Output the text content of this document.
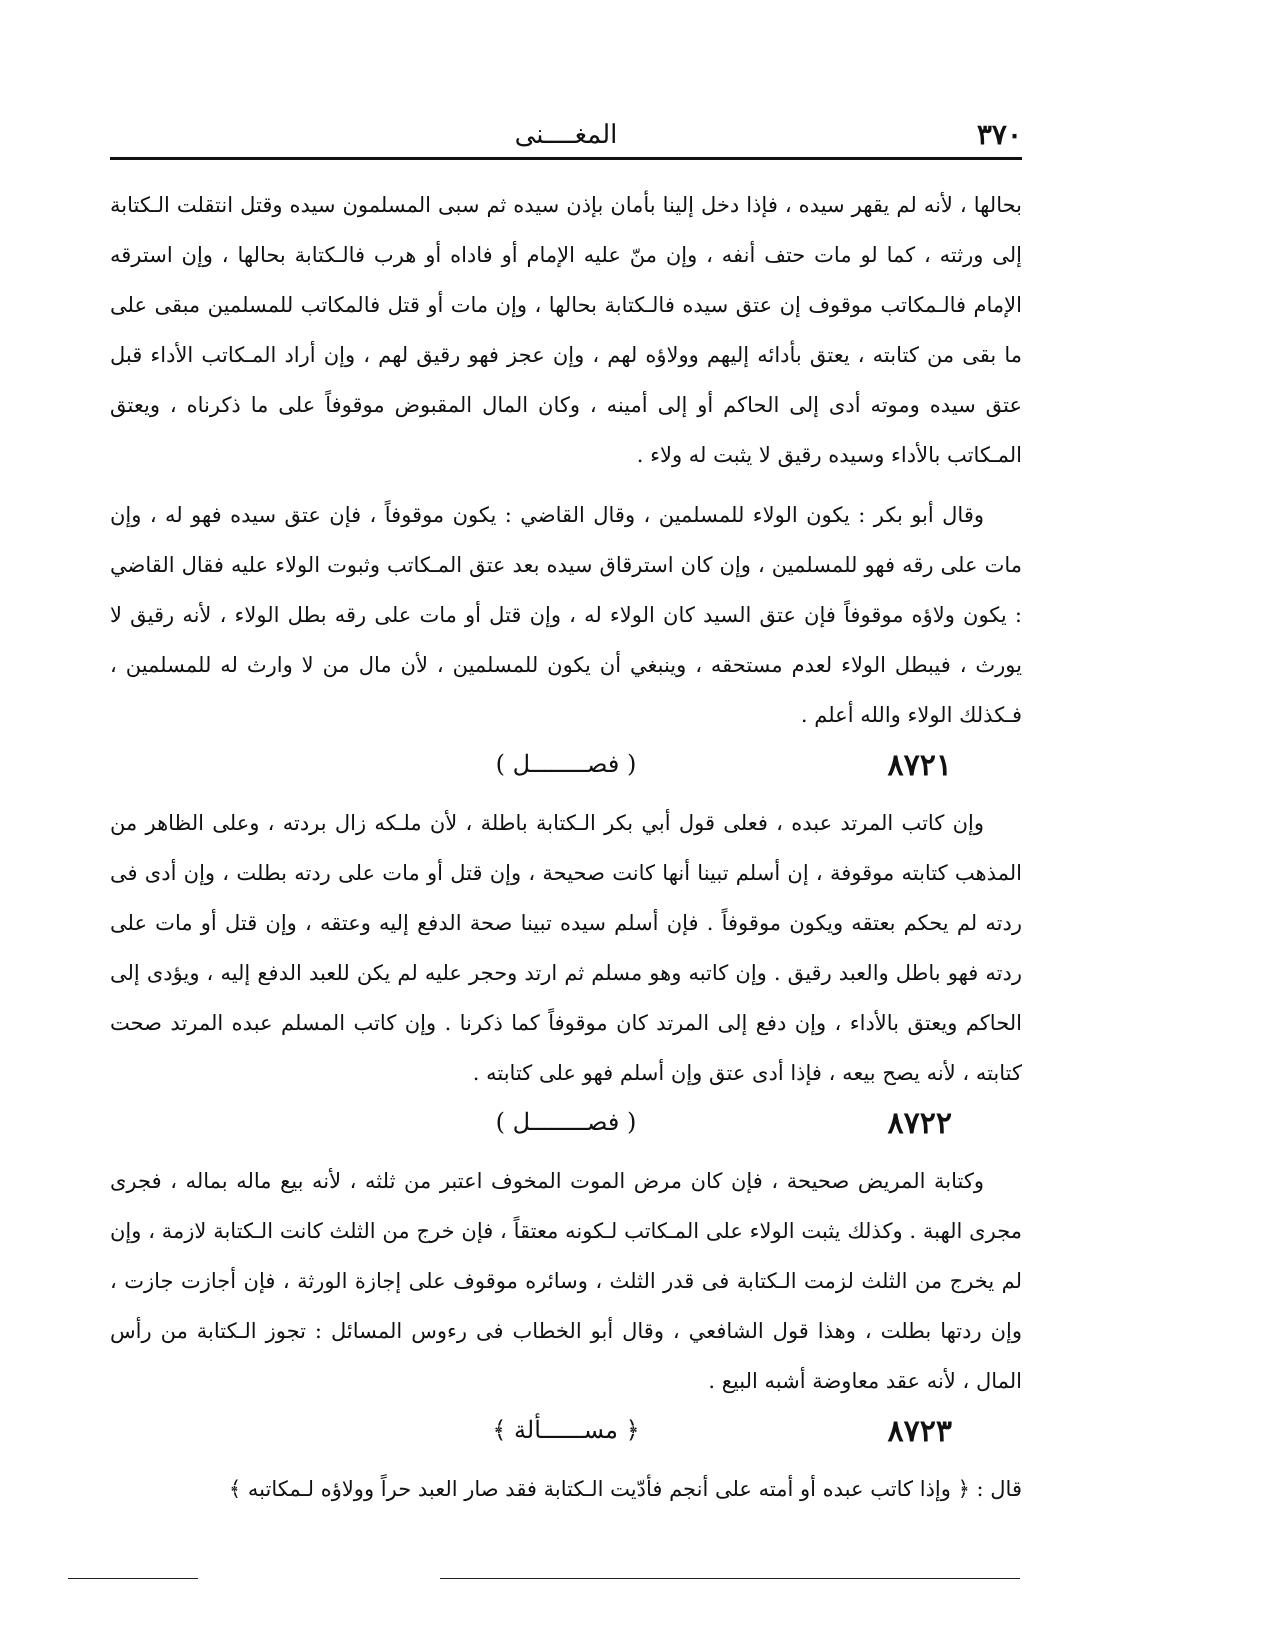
٣٧٠
المغــــنى

بحالها ، لأنه لم يقهر سيده ، فإذا دخل إلينا بأمان بإذن سيده ثم سبى المسلمون سيده وقتل انتقلت الـكتابة إلى ورثته ، كما لو مات حتف أنفه ، وإن منّ عليه الإمام أو فاداه أو هرب فالـكتابة بحالها ، وإن استرقه الإمام فالـمكاتب موقوف إن عتق سيده فالـكتابة بحالها ، وإن مات أو قتل فالمكاتب للمسلمين مبقى على ما بقى من كتابته ، يعتق بأدائه إليهم وولاؤه لهم ، وإن عجز فهو رقيق لهم ، وإن أراد المـكاتب الأداء قبل عتق سيده وموته أدى إلى الحاكم أو إلى أمينه ، وكان المال المقبوض موقوفاً على ما ذكرناه ، ويعتق المـكاتب بالأداء وسيده رقيق لا يثبت له ولاء .

وقال أبو بكر : يكون الولاء للمسلمين ، وقال القاضي : يكون موقوفاً ، فإن عتق سيده فهو له ، وإن مات على رقه فهو للمسلمين ، وإن كان استرقاق سيده بعد عتق المـكاتب وثبوت الولاء عليه فقال القاضي : يكون ولاؤه موقوفاً فإن عتق السيد كان الولاء له ، وإن قتل أو مات على رقه بطل الولاء ، لأنه رقيق لا يورث ، فيبطل الولاء لعدم مستحقه ، وينبغي أن يكون للمسلمين ، لأن مال من لا وارث له للمسلمين ، فـكذلك الولاء والله أعلم .

٨٧٢١
( فصــــــــل )

وإن كاتب المرتد عبده ، فعلى قول أبي بكر الـكتابة باطلة ، لأن ملـكه زال بردته ، وعلى الظاهر من المذهب كتابته موقوفة ، إن أسلم تبينا أنها كانت صحيحة ، وإن قتل أو مات على ردته بطلت ، وإن أدى فى ردته لم يحكم بعتقه ويكون موقوفاً . فإن أسلم سيده تبينا صحة الدفع إليه وعتقه ، وإن قتل أو مات على ردته فهو باطل والعبد رقيق . وإن كاتبه وهو مسلم ثم ارتد وحجر عليه لم يكن للعبد الدفع إليه ، ويؤدى إلى الحاكم ويعتق بالأداء ، وإن دفع إلى المرتد كان موقوفاً كما ذكرنا . وإن كاتب المسلم عبده المرتد صحت كتابته ، لأنه يصح بيعه ، فإذا أدى عتق وإن أسلم فهو على كتابته .

٨٧٢٢
( فصــــــــل )

وكتابة المريض صحيحة ، فإن كان مرض الموت المخوف اعتبر من ثلثه ، لأنه بيع ماله بماله ، فجرى مجرى الهبة . وكذلك يثبت الولاء على المـكاتب لـكونه معتقاً ، فإن خرج من الثلث كانت الـكتابة لازمة ، وإن لم يخرج من الثلث لزمت الـكتابة فى قدر الثلث ، وسائره موقوف على إجازة الورثة ، فإن أجازت جازت ، وإن ردتها بطلت ، وهذا قول الشافعي ، وقال أبو الخطاب فى رءوس المسائل : تجوز الـكتابة من رأس المال ، لأنه عقد معاوضة أشبه البيع .

٨٧٢٣
﴿ مســــــألة ﴾

قال : ﴿ وإذا كاتب عبده أو أمته على أنجم فأدّيت الـكتابة فقد صار العبد حراً وولاؤه لـمكاتبه ﴾
